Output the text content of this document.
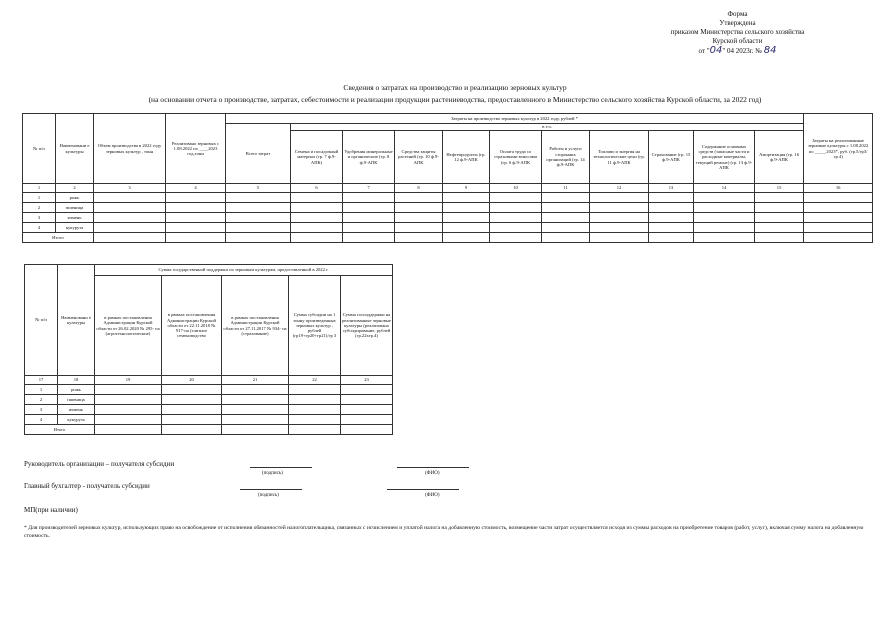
Форма
Утверждена
приказом Министерства сельского хозяйства
Курской области
от "04" 04 2023г. № 84
Сведения о затратах на производство и реализацию зерновых культур
(на основании отчета о производстве, затратах, себестоимости и реализации продукции растениеводства, предоставленного в Министерство сельского хозяйства Курской области, за 2022 год)
№ п/п	Наименовани е культуры	Объем производства в 2022 году зерновых культур , тонн	Реализовано зерновых с 1.08.2022 по ____2023 год,тонн	Затраты на производство зерновых культур в 2022 году, рублей *											Затраты на реализованные зерновые культуры с 1.08.2022 по _____2023*, руб. (гр.5/гр3/гр.4)
				Всего затрат	в т.ч.										
					Семена и посадочный материал (гр. 7 ф.9-АПК)	Удобрения минеральные и органические (гр. 8 ф.9-АПК	Средства защиты растений (гр. 10 ф.9-АПК	Нефтепродукты (гр. 12 ф.9-АПК	Оплата труда со страховыми взносами (гр. 6 ф.9-АПК	Работы и услуги сторонних организаций (гр. 14 ф.9-АПК	Топливо и энергия на технологические цели (гр. 11 ф.9-АПК	Страхование (гр. 15 ф.9-АПК	Содержание основных средств (запасные части и расходные материалы, текущий ремонт) (гр. 13 ф.9-АПК	Амортизация (гр. 16 ф.9-АПК	
1	2	3	4	5	6	7	8	9	10	11	12	13	14	15	16
1	рожь														
2	пшеница														
3	ячмень														
4	кукуруза														
Итого															
№ п/п	Наименовани е культуры	Сумма государственной поддержки по зерновым культурам, предоставленной в 2022 г.				
		в рамках постановления Администрации Курской области от 26.02.2020 № 295- па (агротехнологические)	в рамках постановления Администрации Курской области от 22.11.2018 № 917-па (элитное семеноводство	в рамках постановления Администрации Курской области от 27.11.2017 № 934- па (страхование)	Сумма субсидии на 1 тонну произведенных зерновых культур , рублей (гр19+гр20+гр21)/гр 3	Сумма господдержки на реализованные зерновые культуры (реализовано субсидирование, рублей (гр.22хгр.4)
17	18	19	20	21	22	23
1	рожь					
2	пшеница					
3	ячмень					
4	кукуруза					
Итого						
Руководитель организации – получателя субсидии
(подпись)	(ФИО)
Главный бухгалтер - получатель субсидии
(подпись)	(ФИО)
МП(при наличии)
* Для производителей зерновых культур, использующих право на освобождение от исполнения обязанностей налогоплательщика, связанных с исчислением и уплатой налога на добавленную стоимость, возмещение части затрат осуществляется исходя из суммы расходов на приобретение товаров (работ, услуг), включая сумму налога на добавленную стоимость.
